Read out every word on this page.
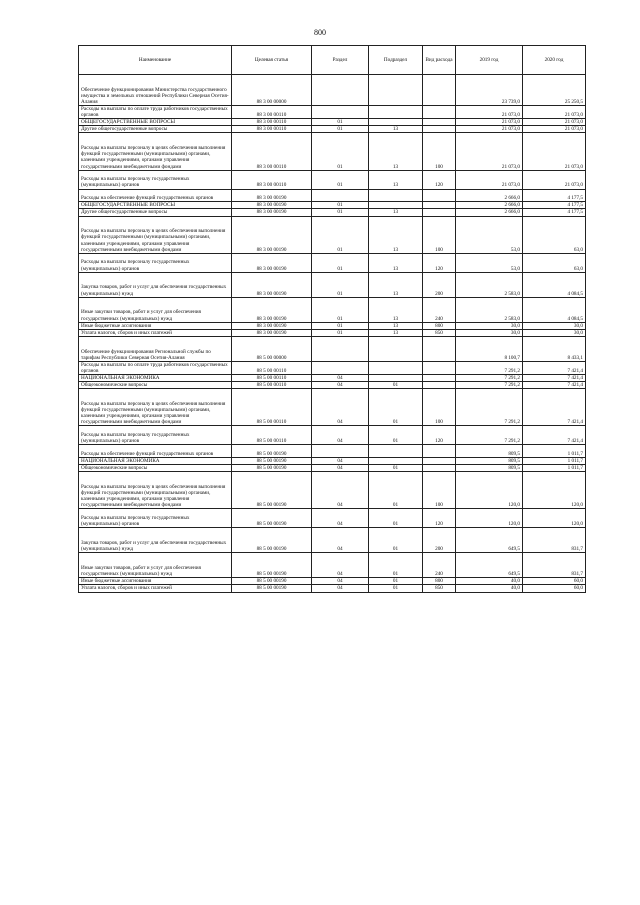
800
Наименование	Целевая статья	Раздел	Подраздел	Вид расхода	2019 год	2020 год
Обеспечение функционирования Министерства государственного имущества и земельных отношений Республики Северная Осетия-Алания	88 3 00 00000				23 739,0	25 250,5
Расходы на выплаты по оплате труда работников государственных органов	88 3 00 00110				21 073,0	21 073,0
ОБЩЕГОСУДАРСТВЕННЫЕ ВОПРОСЫ	88 3 00 00110	01			21 073,0	21 073,0
Другие общегосударственные вопросы	88 3 00 00110	01	13		21 073,0	21 073,0
Расходы на выплаты персоналу в целях обеспечения выполнения функций государственными (муниципальными) органами, казенными учреждениями, органами управления государственными внебюджетными фондами	88 3 00 00110	01	13	100	21 073,0	21 073,0
Расходы на выплаты персоналу государственных (муниципальных) органов	88 3 00 00110	01	13	120	21 073,0	21 073,0
Расходы на обеспечение функций государственных органов	88 3 00 00190				2 666,0	4 177,5
ОБЩЕГОСУДАРСТВЕННЫЕ ВОПРОСЫ	88 3 00 00190	01			2 666,0	4 177,5
Другие общегосударственные вопросы	88 3 00 00190	01	13		2 666,0	4 177,5
Расходы на выплаты персоналу в целях обеспечения выполнения функций государственными (муниципальными) органами, казенными учреждениями, органами управления государственными внебюджетными фондами	88 3 00 00190	01	13	100	53,0	63,0
Расходы на выплаты персоналу государственных (муниципальных) органов	88 3 00 00190	01	13	120	53,0	63,0
Закупка товаров, работ и услуг для обеспечения государственных (муниципальных) нужд	88 3 00 00190	01	13	200	2 583,0	4 084,5
Иные закупки товаров, работ и услуг для обеспечения государственных (муниципальных) нужд	88 3 00 00190	01	13	240	2 583,0	4 084,5
Иные бюджетные ассигнования	88 3 00 00190	01	13	800	30,0	30,0
Уплата налогов, сборов и иных платежей	88 3 00 00190	01	13	850	30,0	30,0
Обеспечение функционирования Региональной службы по тарифам Республики Северная Осетия-Алания	88 5 00 00000				8 100,7	8 433,1
Расходы на выплаты по оплате труда работников государственных органов	88 5 00 00110				7 291,2	7 421,4
НАЦИОНАЛЬНАЯ ЭКОНОМИКА	88 5 00 00110	04			7 291,2	7 421,4
Общеэкономические вопросы	88 5 00 00110	04	01		7 291,2	7 421,4
Расходы на выплаты персоналу в целях обеспечения выполнения функций государственными (муниципальными) органами, казенными учреждениями, органами управления государственными внебюджетными фондами	88 5 00 00110	04	01	100	7 291,2	7 421,4
Расходы на выплаты персоналу государственных (муниципальных) органов	88 5 00 00110	04	01	120	7 291,2	7 421,4
Расходы на обеспечение функций государственных органов	88 5 00 00190				809,5	1 011,7
НАЦИОНАЛЬНАЯ ЭКОНОМИКА	88 5 00 00190	04			809,5	1 011,7
Общеэкономические вопросы	88 5 00 00190	04	01		809,5	1 011,7
Расходы на выплаты персоналу в целях обеспечения выполнения функций государственными (муниципальными) органами, казенными учреждениями, органами управления государственными внебюджетными фондами	88 5 00 00190	04	01	100	120,0	120,0
Расходы на выплаты персоналу государственных (муниципальных) органов	88 5 00 00190	04	01	120	120,0	120,0
Закупка товаров, работ и услуг для обеспечения государственных (муниципальных) нужд	88 5 00 00190	04	01	200	649,5	831,7
Иные закупки товаров, работ и услуг для обеспечения государственных (муниципальных) нужд	88 5 00 00190	04	01	240	649,5	831,7
Иные бюджетные ассигнования	88 5 00 00190	04	01	800	40,0	60,0
Уплата налогов, сборов и иных платежей	88 5 00 00190	04	01	850	40,0	60,0
